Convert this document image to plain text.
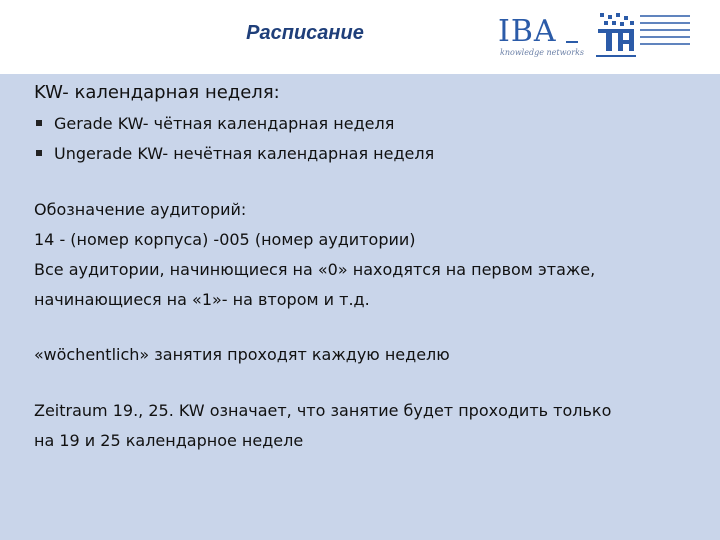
Расписание	IBA
knowledge networks
KW- календарная неделя:
Gerade KW- чётная календарная неделя
Ungerade KW- нечётная календарная неделя
Обозначение аудиторий:
14 - (номер корпуса) -005 (номер аудитории)
Все аудитории, начинющиеся на «0» находятся на первом этаже,
начинающиеся на «1»- на втором и т.д.
«wöchentlich» занятия проходят каждую неделю
Zeitraum 19., 25. KW означает, что занятие будет проходить только
на 19 и 25 календарное неделе
